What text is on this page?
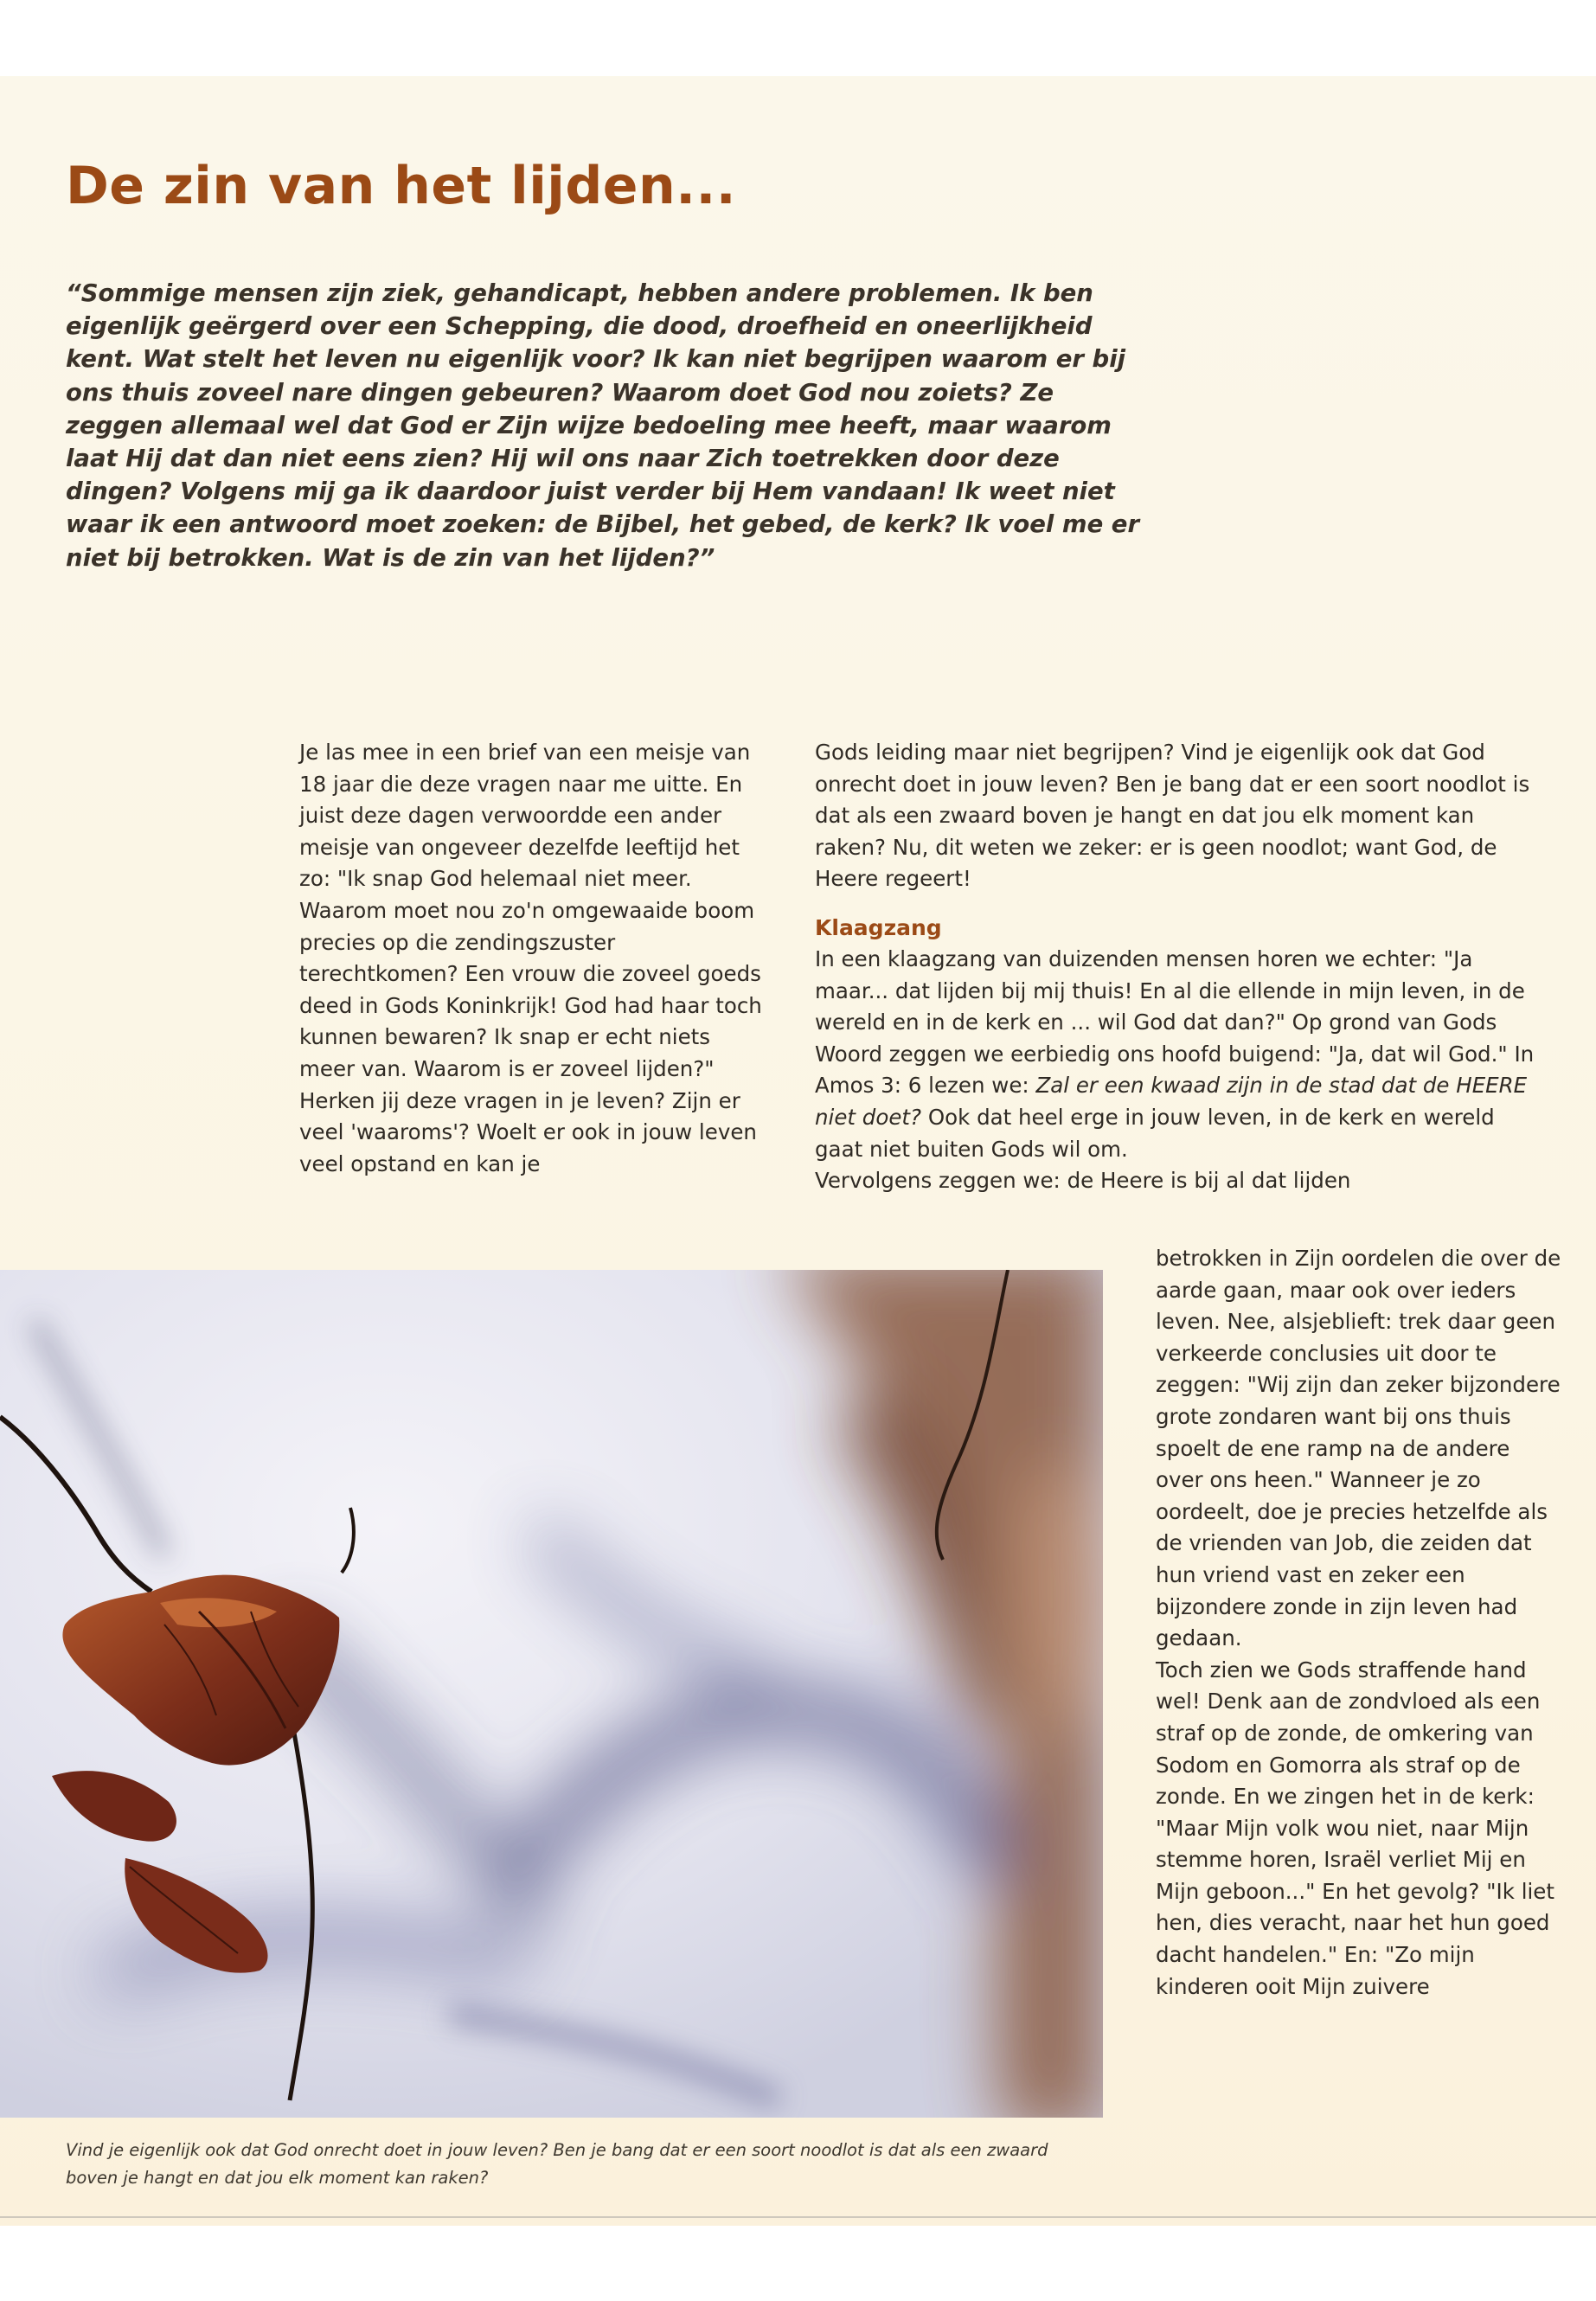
De zin van het lijden...

“Sommige mensen zijn ziek, gehandicapt, hebben andere problemen. Ik ben eigenlijk geërgerd over een Schepping, die dood, droefheid en oneerlijkheid kent. Wat stelt het leven nu eigenlijk voor? Ik kan niet begrijpen waarom er bij ons thuis zoveel nare dingen gebeuren? Waarom doet God nou zoiets? Ze zeggen allemaal wel dat God er Zijn wijze bedoeling mee heeft, maar waarom laat Hij dat dan niet eens zien? Hij wil ons naar Zich toetrekken door deze dingen? Volgens mij ga ik daardoor juist verder bij Hem vandaan! Ik weet niet waar ik een antwoord moet zoeken: de Bijbel, het gebed, de kerk? Ik voel me er niet bij betrokken. Wat is de zin van het lijden?”

Je las mee in een brief van een meisje van 18 jaar die deze vragen naar me uitte. En juist deze dagen verwoordde een ander meisje van ongeveer dezelfde leeftijd het zo: "Ik snap God helemaal niet meer. Waarom moet nou zo'n omgewaaide boom precies op die zendingszuster terechtkomen? Een vrouw die zoveel goeds deed in Gods Koninkrijk! God had haar toch kunnen bewaren? Ik snap er echt niets meer van. Waarom is er zoveel lijden?"

Herken jij deze vragen in je leven? Zijn er veel 'waaroms'? Woelt er ook in jouw leven veel opstand en kan je

Gods leiding maar niet begrijpen? Vind je eigenlijk ook dat God onrecht doet in jouw leven? Ben je bang dat er een soort noodlot is dat als een zwaard boven je hangt en dat jou elk moment kan raken? Nu, dit weten we zeker: er is geen noodlot; want God, de Heere regeert!

Klaagzang

In een klaagzang van duizenden mensen horen we echter: "Ja maar... dat lijden bij mij thuis! En al die ellende in mijn leven, in de wereld en in de kerk en ... wil God dat dan?" Op grond van Gods Woord zeggen we eerbiedig ons hoofd buigend: "Ja, dat wil God." In Amos 3: 6 lezen we: Zal er een kwaad zijn in de stad dat de HEERE niet doet? Ook dat heel erge in jouw leven, in de kerk en wereld gaat niet buiten Gods wil om.

Vervolgens zeggen we: de Heere is bij al dat lijden

betrokken in Zijn oordelen die over de aarde gaan, maar ook over ieders leven. Nee, alsjeblieft: trek daar geen verkeerde conclusies uit door te zeggen: "Wij zijn dan zeker bijzondere grote zondaren want bij ons thuis spoelt de ene ramp na de andere over ons heen." Wanneer je zo oordeelt, doe je precies hetzelfde als de vrienden van Job, die zeiden dat hun vriend vast en zeker een bijzondere zonde in zijn leven had gedaan.

Toch zien we Gods straffende hand wel! Denk aan de zondvloed als een straf op de zonde, de omkering van Sodom en Gomorra als straf op de zonde. En we zingen het in de kerk: "Maar Mijn volk wou niet, naar Mijn stemme horen, Israël verliet Mij en Mijn geboon..." En het gevolg? "Ik liet hen, dies veracht, naar het hun goed dacht handelen." En: "Zo mijn kinderen ooit Mijn zuivere

Vind je eigenlijk ook dat God onrecht doet in jouw leven? Ben je bang dat er een soort noodlot is dat als een zwaard boven je hangt en dat jou elk moment kan raken?
